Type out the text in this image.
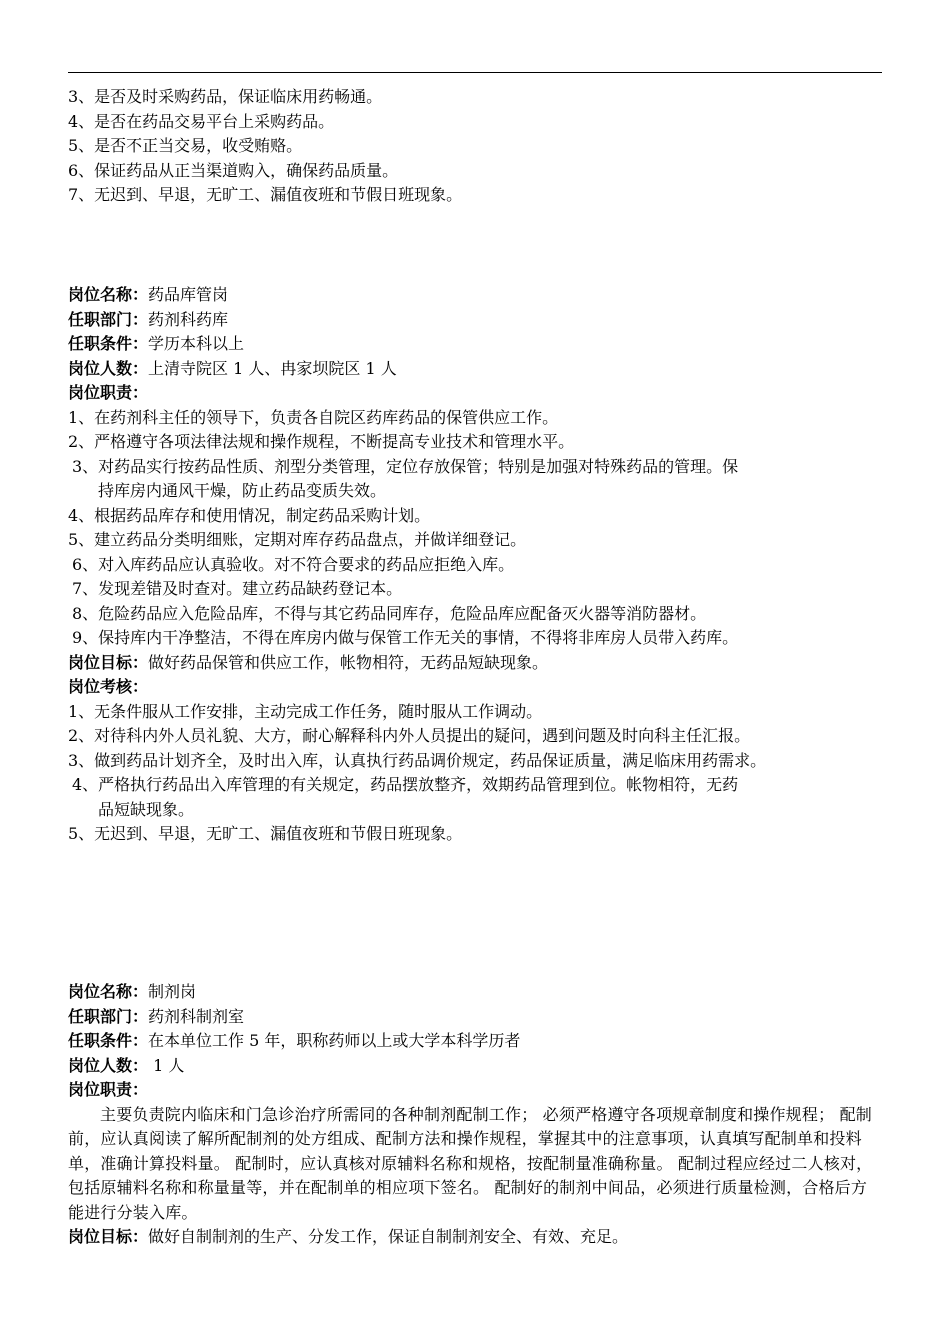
3、是否及时采购药品，保证临床用药畅通。
4、是否在药品交易平台上采购药品。
5、是否不正当交易，收受贿赂。
6、保证药品从正当渠道购入，确保药品质量。
7、无迟到、早退，无旷工、漏值夜班和节假日班现象。
岗位名称：药品库管岗
任职部门：药剂科药库
任职条件：学历本科以上
岗位人数：上清寺院区 1 人、冉家坝院区 1 人
岗位职责：
1、在药剂科主任的领导下，负责各自院区药库药品的保管供应工作。
2、严格遵守各项法律法规和操作规程，不断提高专业技术和管理水平。
3、对药品实行按药品性质、剂型分类管理，定位存放保管；特别是加强对特殊药品的管理。保
持库房内通风干燥，防止药品变质失效。
4、根据药品库存和使用情况，制定药品采购计划。
5、建立药品分类明细账，定期对库存药品盘点，并做详细登记。
6、对入库药品应认真验收。对不符合要求的药品应拒绝入库。
7、发现差错及时查对。建立药品缺药登记本。
8、危险药品应入危险品库，不得与其它药品同库存，危险品库应配备灭火器等消防器材。
9、保持库内干净整洁，不得在库房内做与保管工作无关的事情，不得将非库房人员带入药库。
岗位目标：做好药品保管和供应工作，帐物相符，无药品短缺现象。
岗位考核：
1、无条件服从工作安排，主动完成工作任务，随时服从工作调动。
2、对待科内外人员礼貌、大方，耐心解释科内外人员提出的疑问，遇到问题及时向科主任汇报。
3、做到药品计划齐全，及时出入库，认真执行药品调价规定，药品保证质量，满足临床用药需求。
4、严格执行药品出入库管理的有关规定，药品摆放整齐，效期药品管理到位。帐物相符，无药
品短缺现象。
5、无迟到、早退，无旷工、漏值夜班和节假日班现象。
岗位名称：制剂岗
任职部门：药剂科制剂室
任职条件：在本单位工作 5 年，职称药师以上或大学本科学历者
岗位人数： 1 人
岗位职责：
主要负责院内临床和门急诊治疗所需同的各种制剂配制工作； 必须严格遵守各项规章制度和操作规程； 配制前，应认真阅读了解所配制剂的处方组成、配制方法和操作规程，掌握其中的注意事项，认真填写配制单和投料单，准确计算投料量。 配制时，应认真核对原辅料名称和规格，按配制量准确称量。 配制过程应经过二人核对，包括原辅料名称和称量量等，并在配制单的相应项下签名。 配制好的制剂中间品，必须进行质量检测，合格后方能进行分装入库。
岗位目标：做好自制制剂的生产、分发工作，保证自制制剂安全、有效、充足。
